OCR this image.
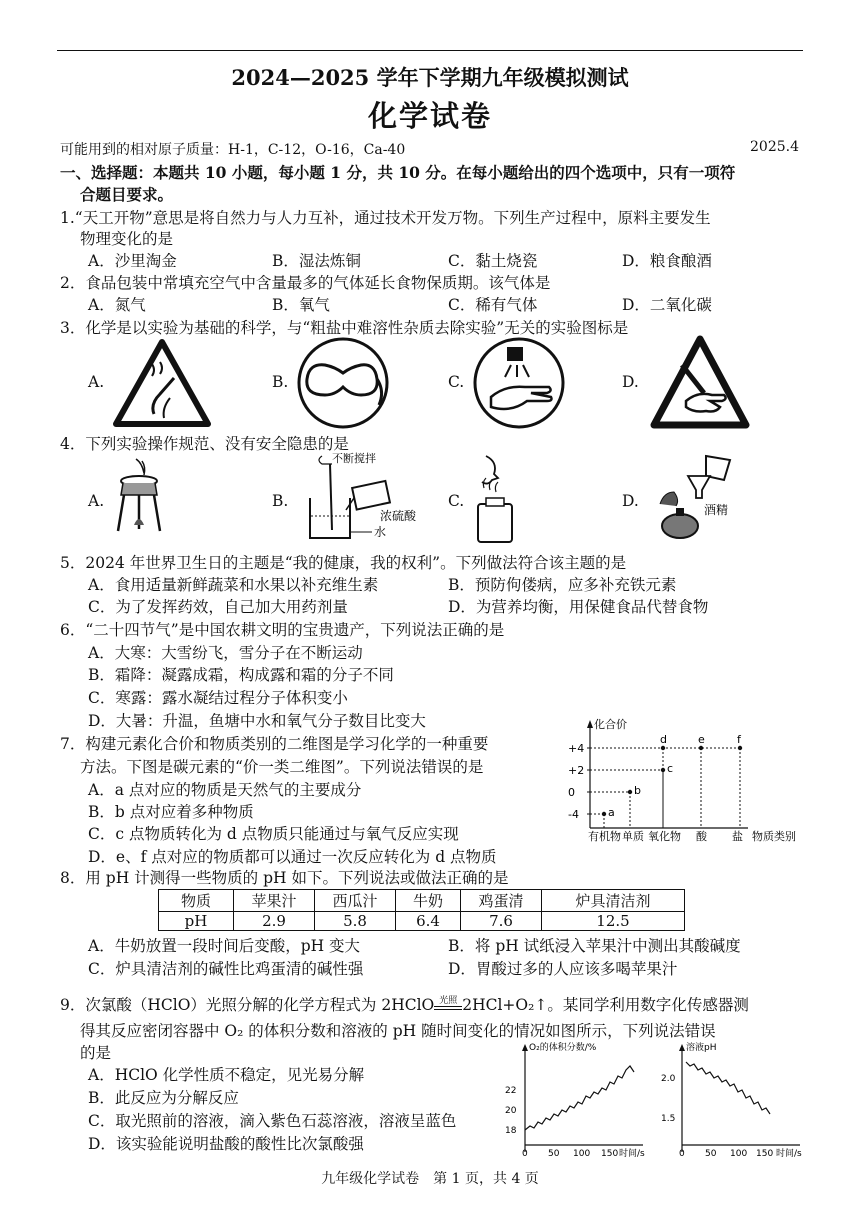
2024—2025 学年下学期九年级模拟测试
化学试卷
可能用到的相对原子质量：H-1，C-12，O-16，Ca-40	2025.4
一、选择题：本题共 10 小题，每小题 1 分，共 10 分。在每小题给出的四个选项中，只有一项符
合题目要求。
1.“天工开物”意思是将自然力与人力互补，通过技术开发万物。下列生产过程中，原料主要发生
物理变化的是
A．沙里淘金	B．湿法炼铜	C．黏土烧瓷	D．粮食酿酒
2．食品包装中常填充空气中含量最多的气体延长食物保质期。该气体是
A．氮气	B．氧气	C．稀有气体	D．二氧化碳
3．化学是以实验为基础的科学，与“粗盐中难溶性杂质去除实验”无关的实验图标是
A.	B.	C.	D.
4．下列实验操作规范、没有安全隐患的是
A.	B.	C.	D.
不断搅拌
浓硫酸
水
酒精
5．2024 年世界卫生日的主题是“我的健康，我的权利”。下列做法符合该主题的是
A．食用适量新鲜蔬菜和水果以补充维生素	B．预防佝偻病，应多补充铁元素
C．为了发挥药效，自己加大用药剂量	D．为营养均衡，用保健食品代替食物
6．“二十四节气”是中国农耕文明的宝贵遗产，下列说法正确的是
A．大寒：大雪纷飞，雪分子在不断运动
B．霜降：凝露成霜，构成露和霜的分子不同
C．寒露：露水凝结过程分子体积变小
D．大暑：升温，鱼塘中水和氧气分子数目比变大
7．构建元素化合价和物质类别的二维图是学习化学的一种重要
方法。下图是碳元素的“价一类二维图”。下列说法错误的是
A．a 点对应的物质是天然气的主要成分
B．b 点对应着多种物质
C．c 点物质转化为 d 点物质只能通过与氧气反应实现
D．e、f 点对应的物质都可以通过一次反应转化为 d 点物质
化合价
物质类别
+4
+2
0
-4
有机物 单质 氧化物 酸 盐
a
b
c
d	e	f
8．用 pH 计测得一些物质的 pH 如下。下列说法或做法正确的是
物质	苹果汁	西瓜汁	牛奶	鸡蛋清	炉具清洁剂
pH	2.9	5.8	6.4	7.6	12.5
A．牛奶放置一段时间后变酸，pH 变大	B．将 pH 试纸浸入苹果汁中测出其酸碱度
C．炉具清洁剂的碱性比鸡蛋清的碱性强	D．胃酸过多的人应该多喝苹果汁
9．次氯酸（HClO）光照分解的化学方程式为 2HClO 光照 2HCl+O₂↑。某同学利用数字化传感器测
得其反应密闭容器中 O₂ 的体积分数和溶液的 pH 随时间变化的情况如图所示，下列说法错误
的是
A．HClO 化学性质不稳定，见光易分解
B．此反应为分解反应
C．取光照前的溶液，滴入紫色石蕊溶液，溶液呈蓝色
D．该实验能说明盐酸的酸性比次氯酸强
O₂的体积分数/%
22
20
18
0 50 100 150 时间/s
溶液pH
2.0
1.5
0 50 100 150 时间/s
九年级化学试卷　第 1 页，共 4 页
